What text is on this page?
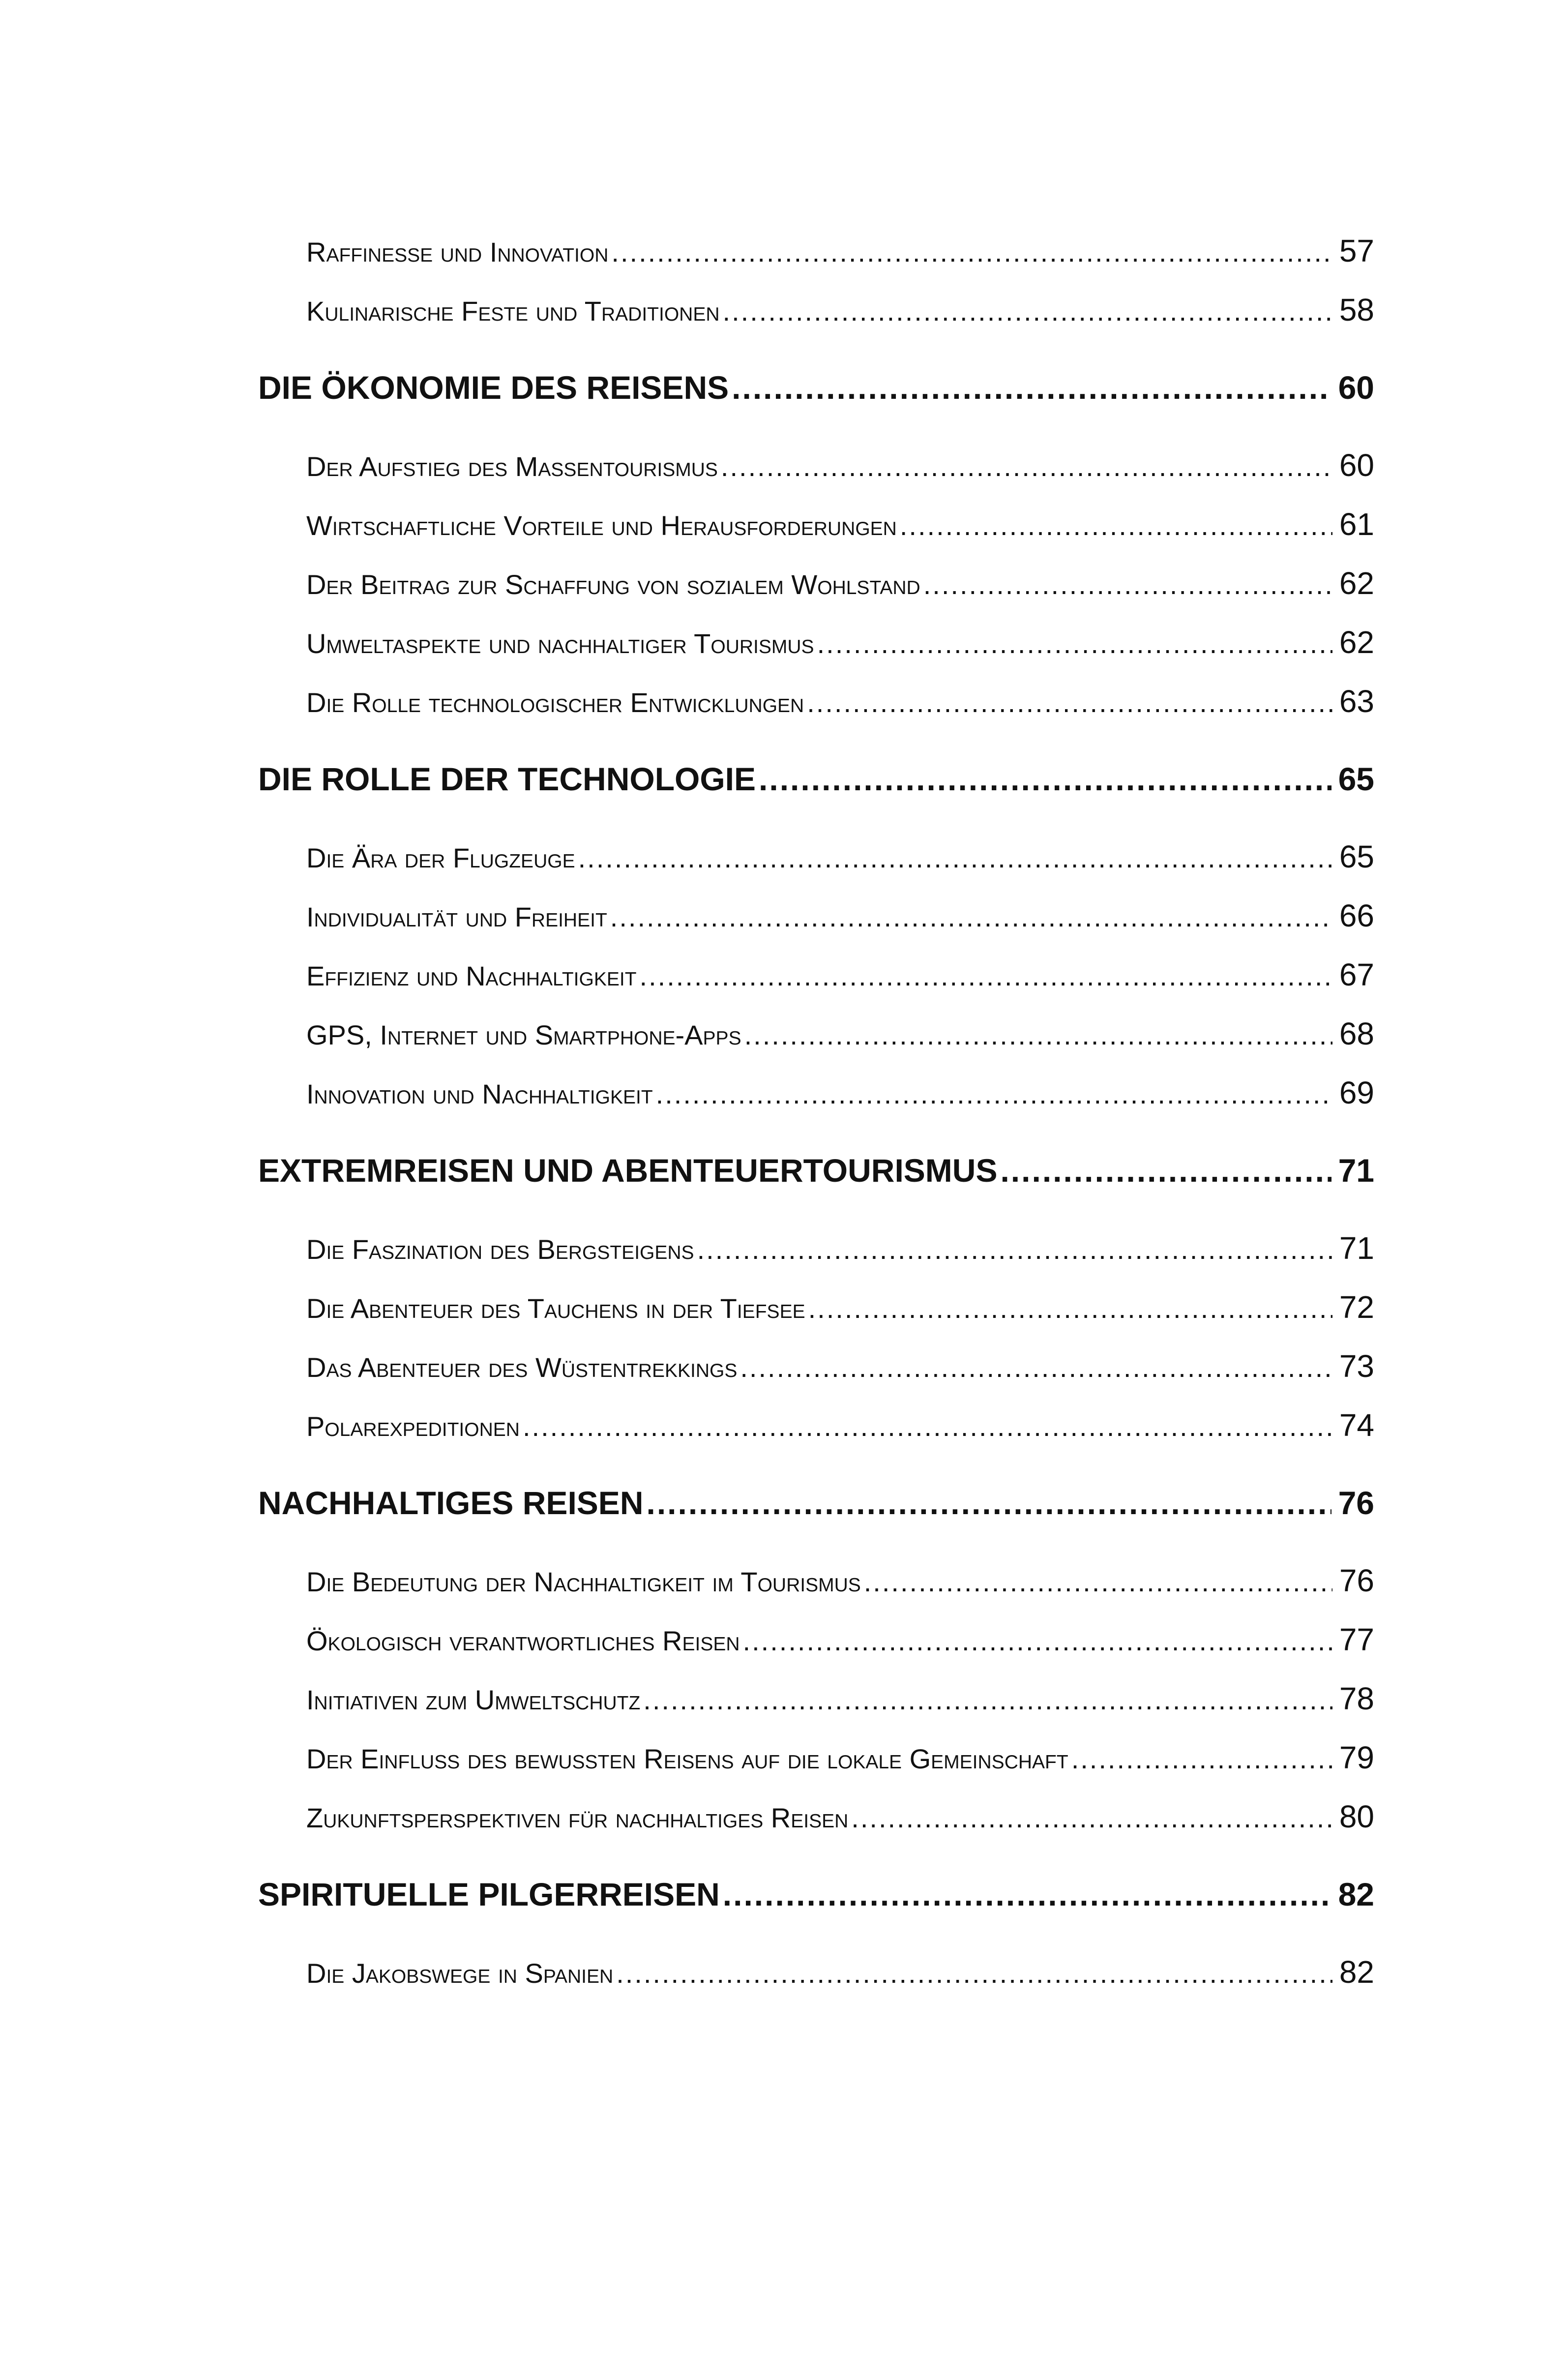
Raffinesse und Innovation .....	57
Kulinarische Feste und Traditionen .....	58
DIE ÖKONOMIE DES REISENS .....	60
Der Aufstieg des Massentourismus .....	60
Wirtschaftliche Vorteile und Herausforderungen .....	61
Der Beitrag zur Schaffung von sozialem Wohlstand .....	62
Umweltaspekte und nachhaltiger Tourismus .....	62
Die Rolle technologischer Entwicklungen .....	63
DIE ROLLE DER TECHNOLOGIE .....	65
Die Ära der Flugzeuge .....	65
Individualität und Freiheit .....	66
Effizienz und Nachhaltigkeit .....	67
GPS, Internet und Smartphone-Apps .....	68
Innovation und Nachhaltigkeit .....	69
EXTREMREISEN UND ABENTEUERTOURISMUS .....	71
Die Faszination des Bergsteigens .....	71
Die Abenteuer des Tauchens in der Tiefsee .....	72
Das Abenteuer des Wüstentrekkings .....	73
Polarexpeditionen .....	74
NACHHALTIGES REISEN .....	76
Die Bedeutung der Nachhaltigkeit im Tourismus .....	76
Ökologisch verantwortliches Reisen .....	77
Initiativen zum Umweltschutz .....	78
Der Einfluss des bewussten Reisens auf die lokale Gemeinschaft .....	79
Zukunftsperspektiven für nachhaltiges Reisen .....	80
SPIRITUELLE PILGERREISEN .....	82
Die Jakobswege in Spanien .....	82
